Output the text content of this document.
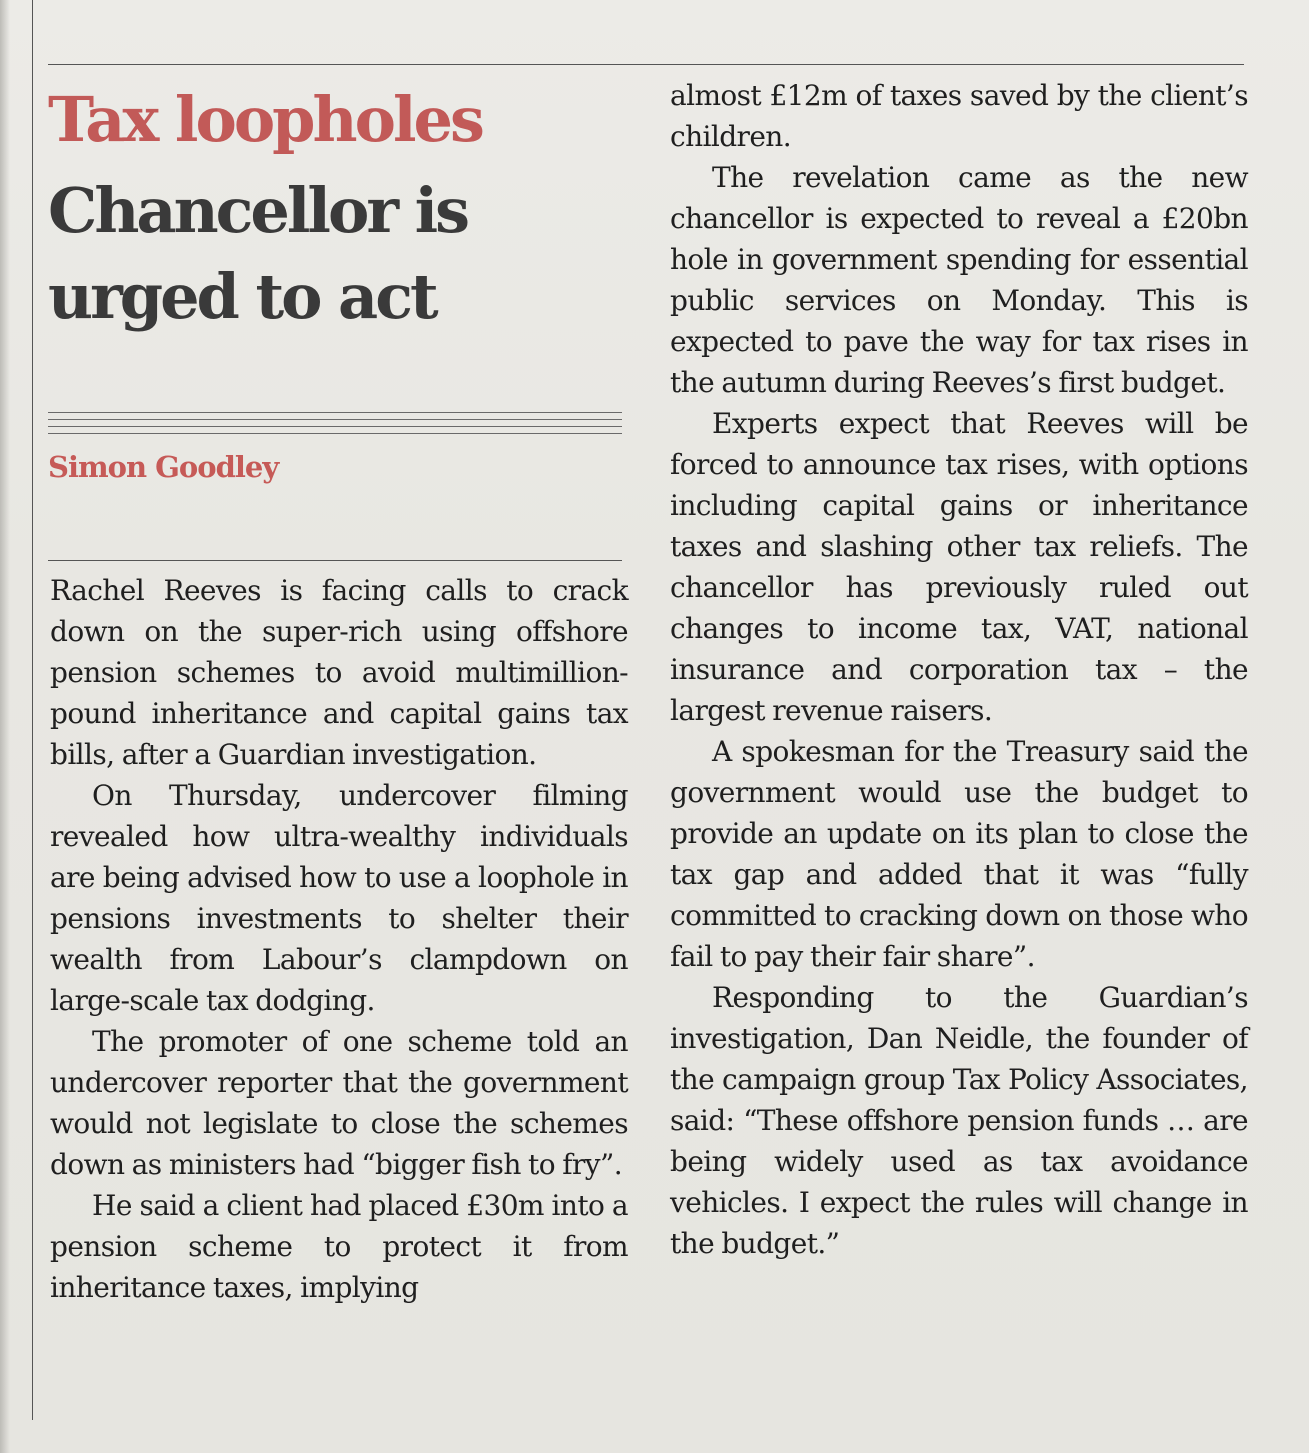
Tax loopholes
Chancellor is urged to act
Simon Goodley

Rachel Reeves is facing calls to crack down on the super-rich using offshore pension schemes to avoid multimillion-pound inheritance and capital gains tax bills, after a Guardian investigation.

On Thursday, undercover filming revealed how ultra-wealthy individuals are being advised how to use a loophole in pensions investments to shelter their wealth from Labour’s clampdown on large-scale tax dodging.

The promoter of one scheme told an undercover reporter that the government would not legislate to close the schemes down as ministers had “bigger fish to fry”.

He said a client had placed £30m into a pension scheme to protect it from inheritance taxes, implying

almost £12m of taxes saved by the client’s children.

The revelation came as the new chancellor is expected to reveal a £20bn hole in government spending for essential public services on Monday. This is expected to pave the way for tax rises in the autumn during Reeves’s first budget.

Experts expect that Reeves will be forced to announce tax rises, with options including capital gains or inheritance taxes and slashing other tax reliefs. The chancellor has previously ruled out changes to income tax, VAT, national insurance and corporation tax – the largest revenue raisers.

A spokesman for the Treasury said the government would use the budget to provide an update on its plan to close the tax gap and added that it was “fully committed to cracking down on those who fail to pay their fair share”.

Responding to the Guardian’s investigation, Dan Neidle, the founder of the campaign group Tax Policy Associates, said: “These offshore pension funds … are being widely used as tax avoidance vehicles. I expect the rules will change in the budget.”
